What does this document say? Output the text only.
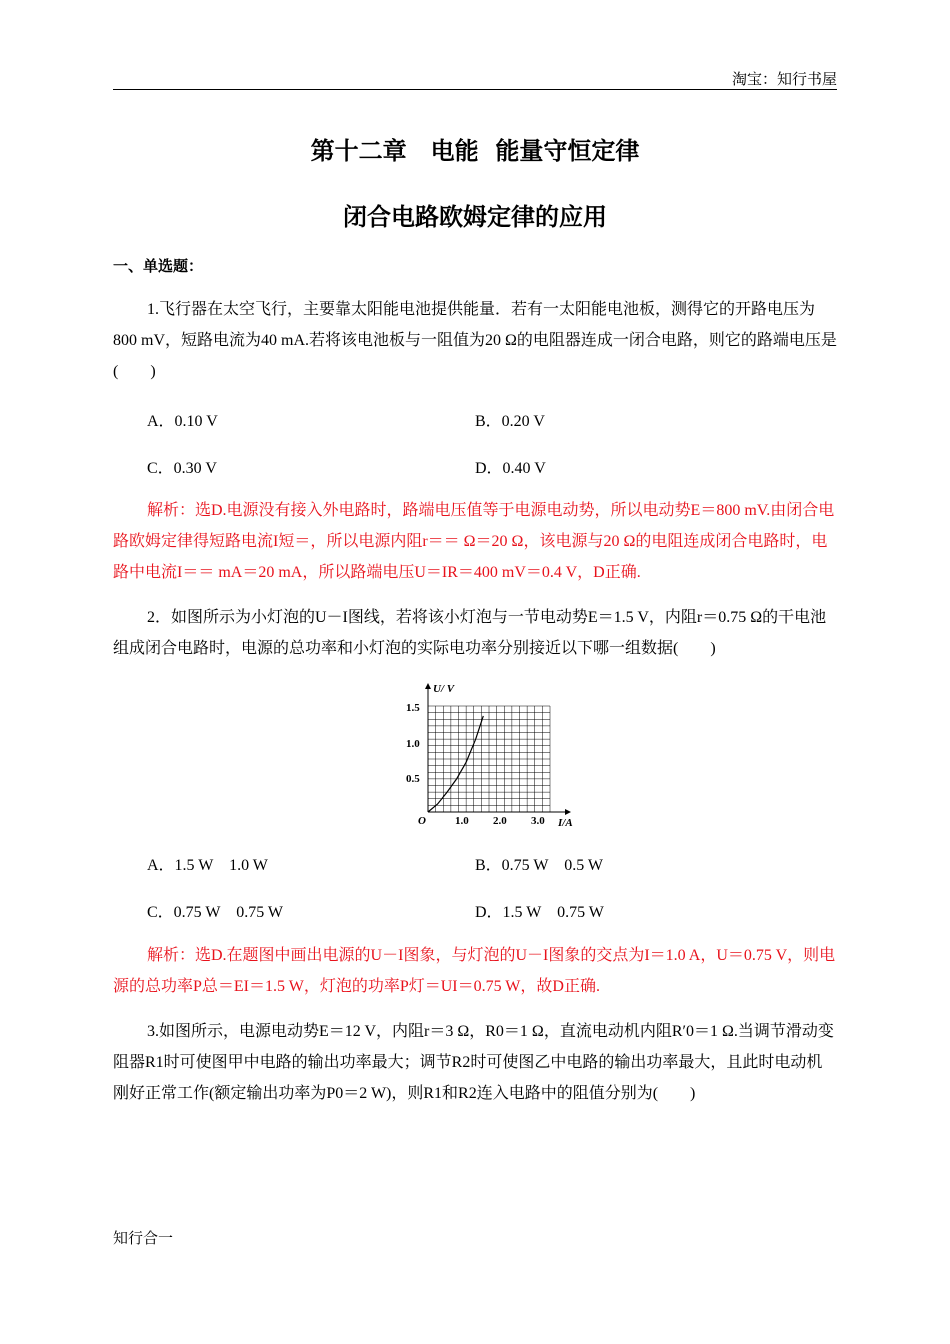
淘宝：知行书屋
第十二章　电能  能量守恒定律
闭合电路欧姆定律的应用
一、单选题：
1.飞行器在太空飞行，主要靠太阳能电池提供能量．若有一太阳能电池板，测得它的开路电压为800 mV，短路电流为40 mA.若将该电池板与一阻值为20 Ω的电阻器连成一闭合电路，则它的路端电压是(　　)
A．0.10 V	B．0.20 V
C．0.30 V	D．0.40 V
解析：选D.电源没有接入外电路时，路端电压值等于电源电动势，所以电动势E＝800 mV.由闭合电路欧姆定律得短路电流I短＝，所以电源内阻r＝＝ Ω＝20 Ω，该电源与20 Ω的电阻连成闭合电路时，电路中电流I＝＝ mA＝20 mA，所以路端电压U＝IR＝400 mV＝0.4 V，D正确.
2．如图所示为小灯泡的U－I图线，若将该小灯泡与一节电动势E＝1.5 V，内阻r＝0.75 Ω的干电池组成闭合电路时，电源的总功率和小灯泡的实际电功率分别接近以下哪一组数据(　　)
U/ V
I/A
O
1.5
1.0
0.5
1.0 2.0 3.0
A．1.5 W　1.0 W	B．0.75 W　0.5 W
C．0.75 W　0.75 W	D．1.5 W　0.75 W
解析：选D.在题图中画出电源的U－I图象，与灯泡的U－I图象的交点为I＝1.0 A，U＝0.75 V，则电源的总功率P总＝EI＝1.5 W，灯泡的功率P灯＝UI＝0.75 W，故D正确.
3.如图所示，电源电动势E＝12 V，内阻r＝3 Ω，R0＝1 Ω，直流电动机内阻R′0＝1 Ω.当调节滑动变阻器R1时可使图甲中电路的输出功率最大；调节R2时可使图乙中电路的输出功率最大，且此时电动机刚好正常工作(额定输出功率为P0＝2 W)，则R1和R2连入电路中的阻值分别为(　　)
知行合一
